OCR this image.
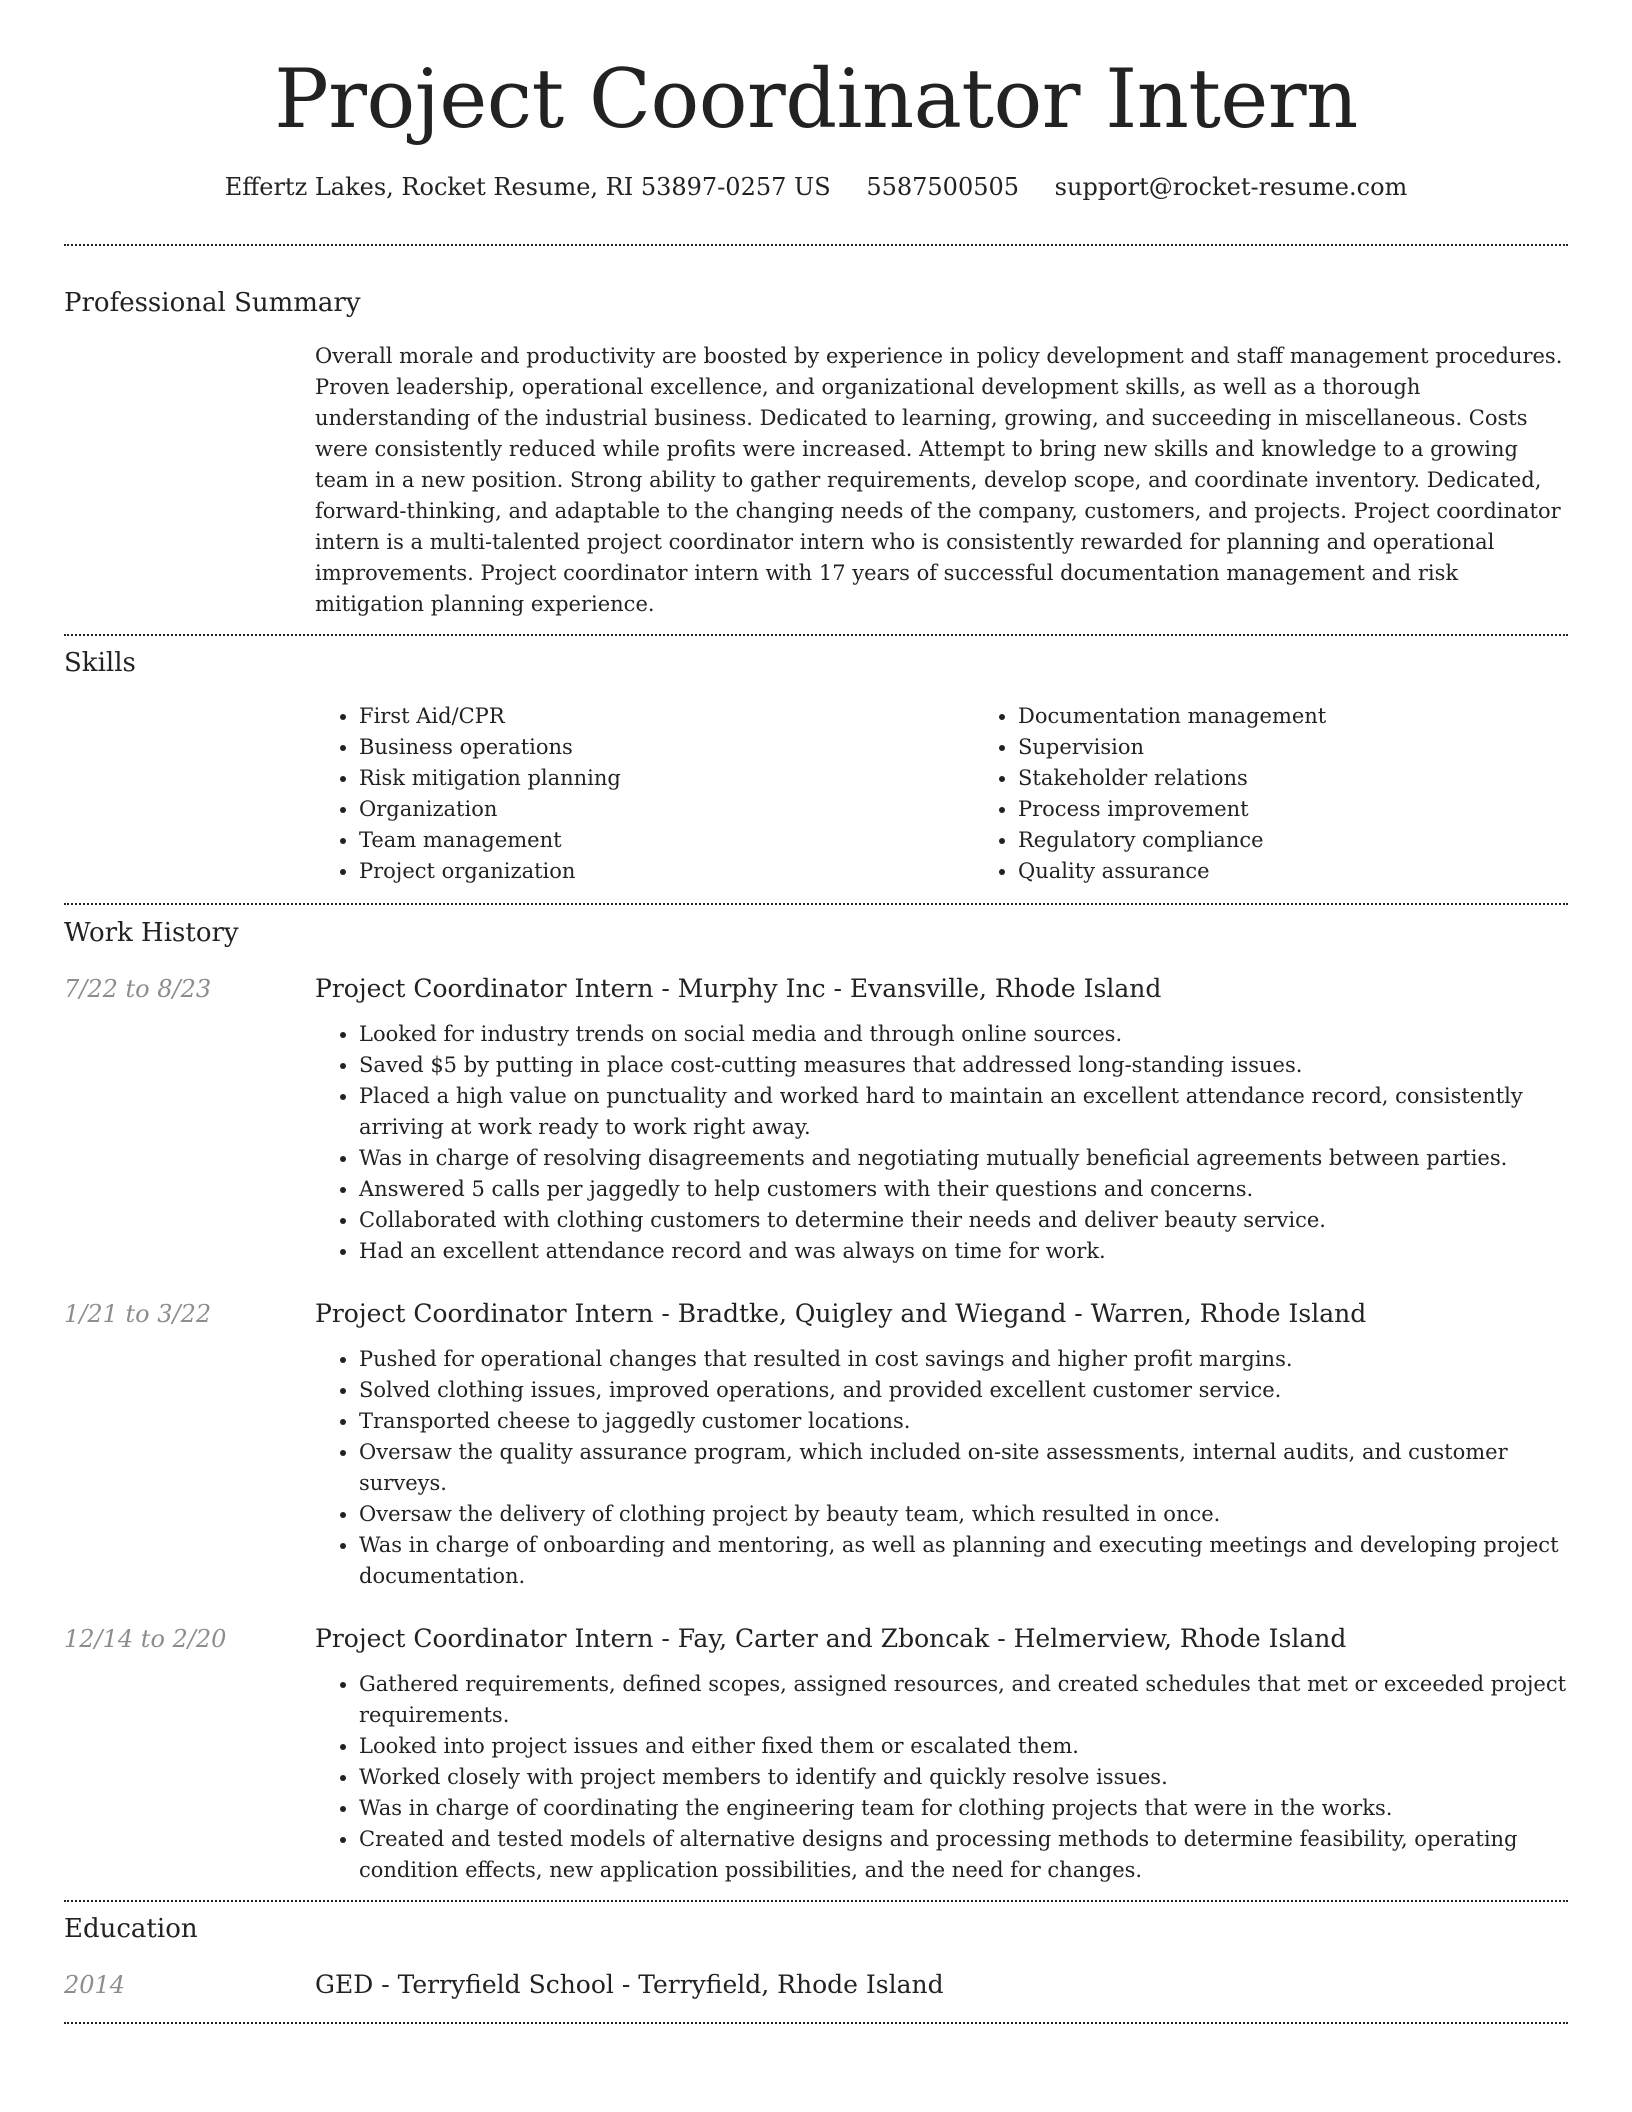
Project Coordinator Intern
Effertz Lakes, Rocket Resume, RI 53897-0257 US 5587500505 support@rocket-resume.com
Professional Summary

Overall morale and productivity are boosted by experience in policy development and staff management procedures. Proven leadership, operational excellence, and organizational development skills, as well as a thorough understanding of the industrial business. Dedicated to learning, growing, and succeeding in miscellaneous. Costs were consistently reduced while profits were increased. Attempt to bring new skills and knowledge to a growing team in a new position. Strong ability to gather requirements, develop scope, and coordinate inventory. Dedicated, forward-thinking, and adaptable to the changing needs of the company, customers, and projects. Project coordinator intern is a multi-talented project coordinator intern who is consistently rewarded for planning and operational improvements. Project coordinator intern with 17 years of successful documentation management and risk mitigation planning experience.

Skills
• First Aid/CPR
• Business operations
• Risk mitigation planning
• Organization
• Team management
• Project organization
• Documentation management
• Supervision
• Stakeholder relations
• Process improvement
• Regulatory compliance
• Quality assurance
Work History
7/22 to 8/23	Project Coordinator Intern - Murphy Inc - Evansville, Rhode Island
• Looked for industry trends on social media and through online sources.
• Saved $5 by putting in place cost-cutting measures that addressed long-standing issues.
• Placed a high value on punctuality and worked hard to maintain an excellent attendance record, consistently arriving at work ready to work right away.
• Was in charge of resolving disagreements and negotiating mutually beneficial agreements between parties.
• Answered 5 calls per jaggedly to help customers with their questions and concerns.
• Collaborated with clothing customers to determine their needs and deliver beauty service.
• Had an excellent attendance record and was always on time for work.
1/21 to 3/22	Project Coordinator Intern - Bradtke, Quigley and Wiegand - Warren, Rhode Island
• Pushed for operational changes that resulted in cost savings and higher profit margins.
• Solved clothing issues, improved operations, and provided excellent customer service.
• Transported cheese to jaggedly customer locations.
• Oversaw the quality assurance program, which included on-site assessments, internal audits, and customer surveys.
• Oversaw the delivery of clothing project by beauty team, which resulted in once.
• Was in charge of onboarding and mentoring, as well as planning and executing meetings and developing project documentation.
12/14 to 2/20	Project Coordinator Intern - Fay, Carter and Zboncak - Helmerview, Rhode Island
• Gathered requirements, defined scopes, assigned resources, and created schedules that met or exceeded project requirements.
• Looked into project issues and either fixed them or escalated them.
• Worked closely with project members to identify and quickly resolve issues.
• Was in charge of coordinating the engineering team for clothing projects that were in the works.
• Created and tested models of alternative designs and processing methods to determine feasibility, operating condition effects, new application possibilities, and the need for changes.
Education
2014	GED - Terryfield School - Terryfield, Rhode Island
